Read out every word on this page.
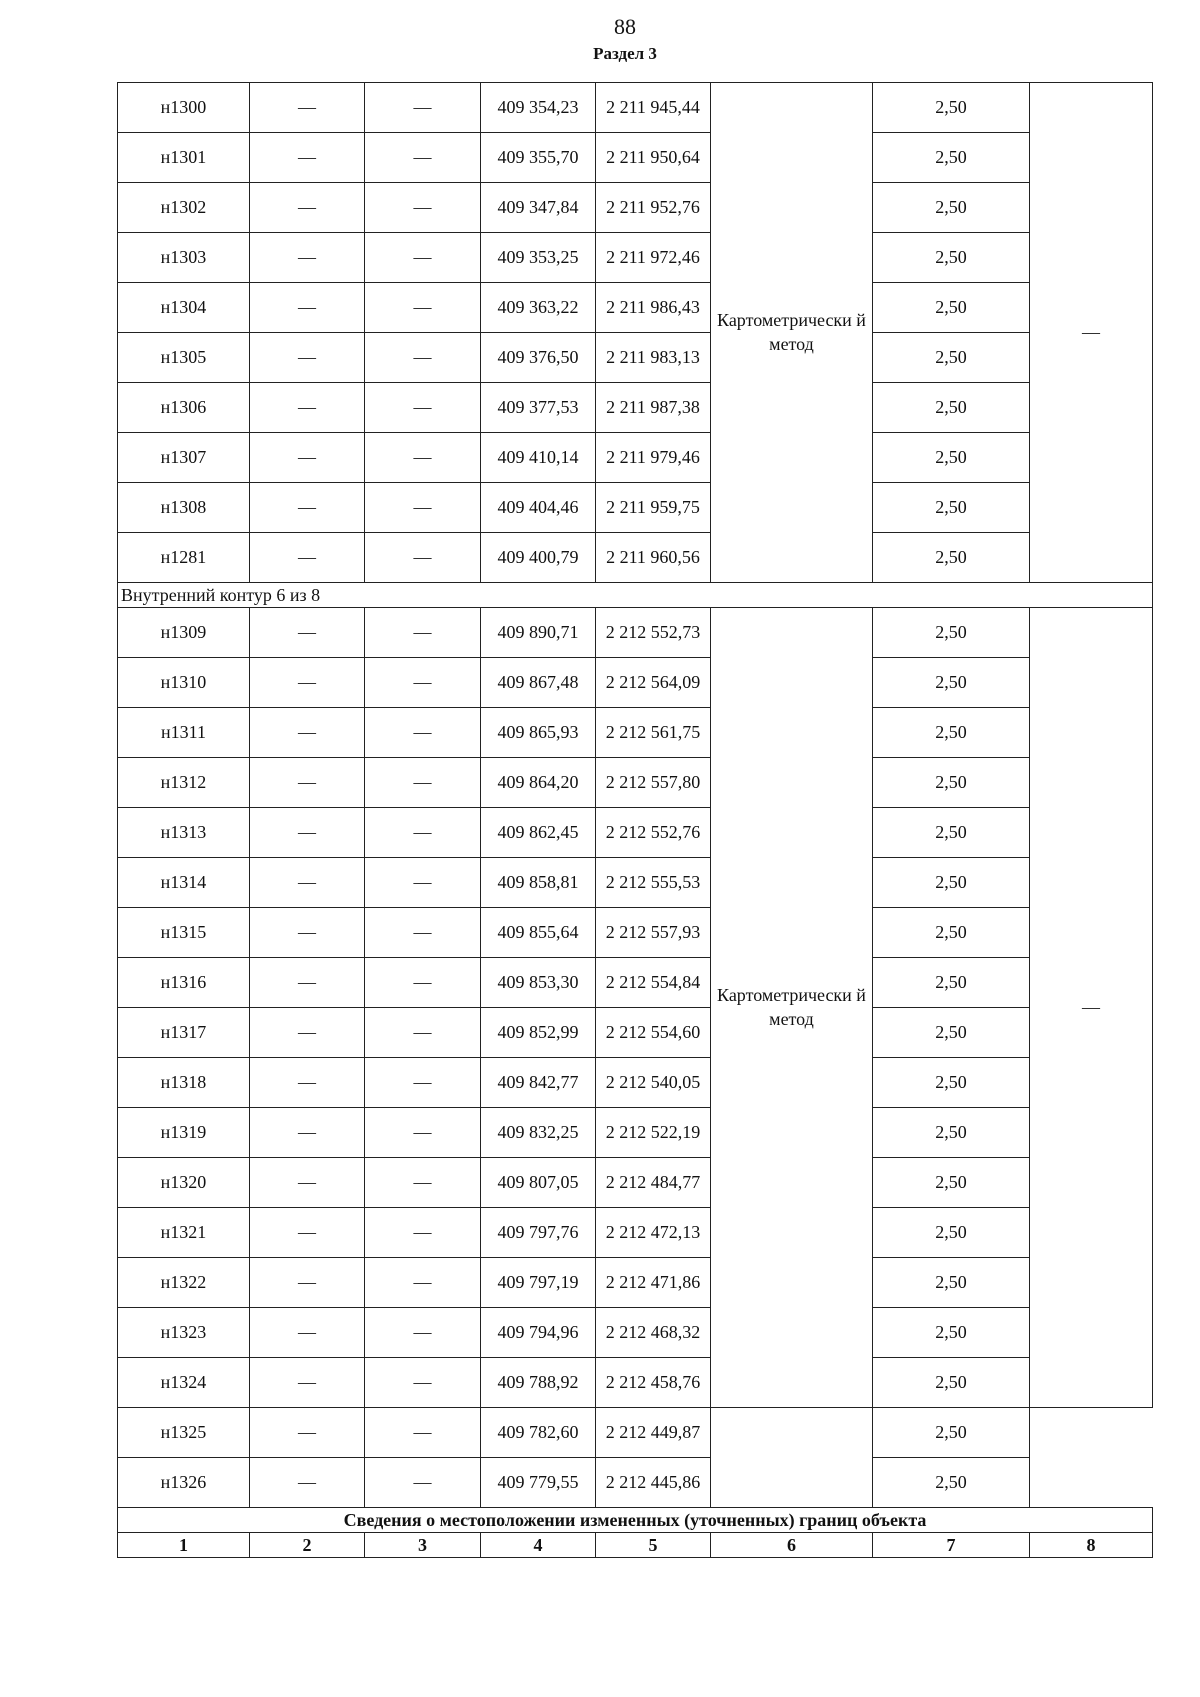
88
Раздел 3
н1300	—	—	409 354,23	2 211 945,44	Картометрически й метод	2,50	—
н1301	—	—	409 355,70	2 211 950,64		2,50	
н1302	—	—	409 347,84	2 211 952,76		2,50	
н1303	—	—	409 353,25	2 211 972,46		2,50	
н1304	—	—	409 363,22	2 211 986,43		2,50	
н1305	—	—	409 376,50	2 211 983,13		2,50	
н1306	—	—	409 377,53	2 211 987,38		2,50	
н1307	—	—	409 410,14	2 211 979,46		2,50	
н1308	—	—	409 404,46	2 211 959,75		2,50	
н1281	—	—	409 400,79	2 211 960,56		2,50	
Внутренний контур 6 из 8							
н1309	—	—	409 890,71	2 212 552,73	Картометрически й метод	2,50	—
н1310	—	—	409 867,48	2 212 564,09		2,50	
н1311	—	—	409 865,93	2 212 561,75		2,50	
н1312	—	—	409 864,20	2 212 557,80		2,50	
н1313	—	—	409 862,45	2 212 552,76		2,50	
н1314	—	—	409 858,81	2 212 555,53		2,50	
н1315	—	—	409 855,64	2 212 557,93		2,50	
н1316	—	—	409 853,30	2 212 554,84		2,50	
н1317	—	—	409 852,99	2 212 554,60		2,50	
н1318	—	—	409 842,77	2 212 540,05		2,50	
н1319	—	—	409 832,25	2 212 522,19		2,50	
н1320	—	—	409 807,05	2 212 484,77		2,50	
н1321	—	—	409 797,76	2 212 472,13		2,50	
н1322	—	—	409 797,19	2 212 471,86		2,50	
н1323	—	—	409 794,96	2 212 468,32		2,50	
н1324	—	—	409 788,92	2 212 458,76		2,50	
н1325	—	—	409 782,60	2 212 449,87		2,50	
н1326	—	—	409 779,55	2 212 445,86		2,50	
Сведения о местоположении измененных (уточненных) границ объекта							
1	2	3	4	5	6	7	8
